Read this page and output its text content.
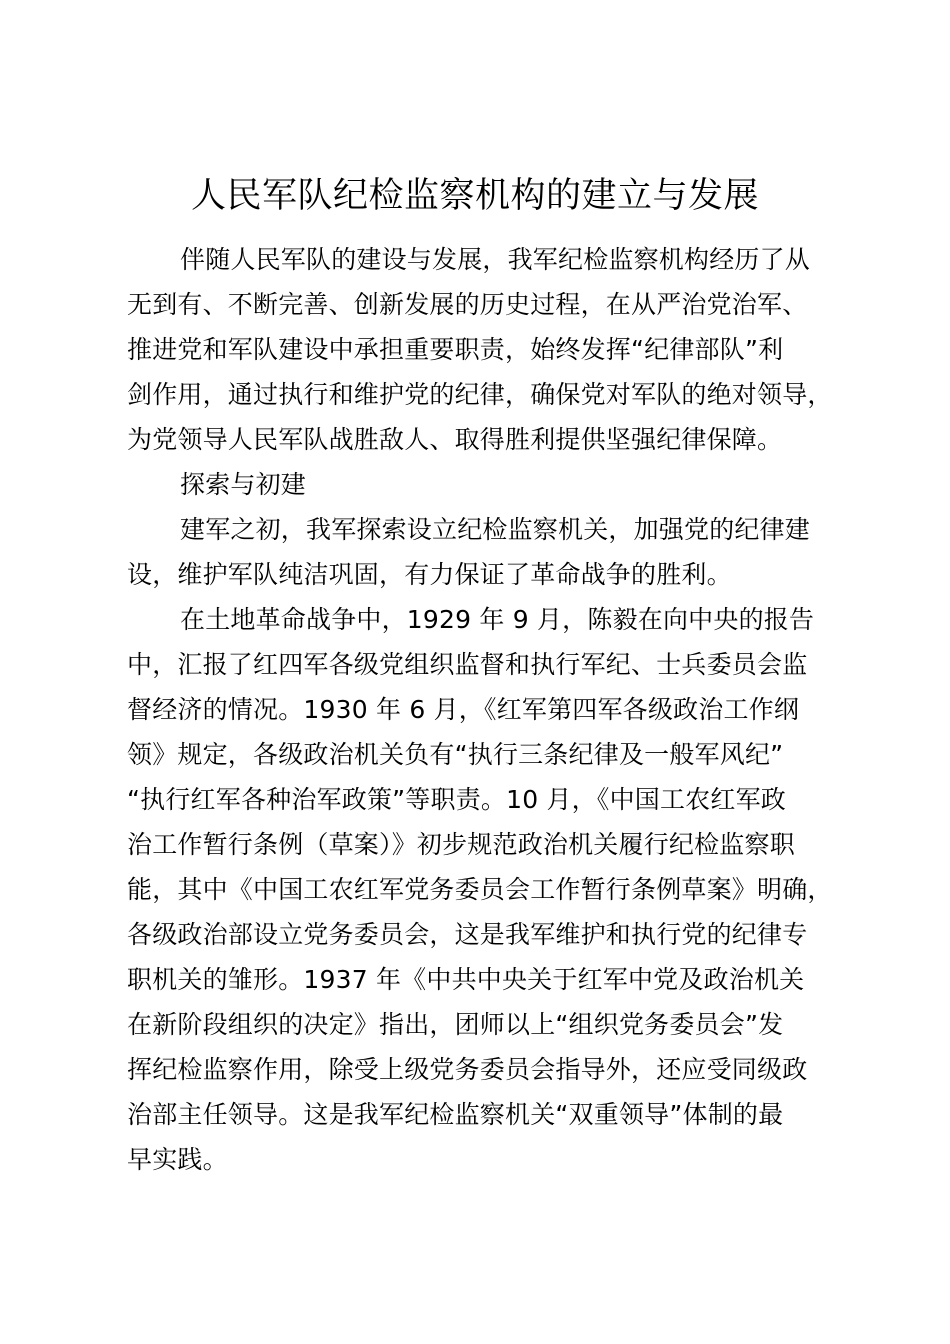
人民军队纪检监察机构的建立与发展

伴随人民军队的建设与发展，我军纪检监察机构经历了从

无到有、不断完善、创新发展的历史过程，在从严治党治军、

推进党和军队建设中承担重要职责，始终发挥“纪律部队”利

剑作用，通过执行和维护党的纪律，确保党对军队的绝对领导，

为党领导人民军队战胜敌人、取得胜利提供坚强纪律保障。

探索与初建

建军之初，我军探索设立纪检监察机关，加强党的纪律建

设，维护军队纯洁巩固，有力保证了革命战争的胜利。

在土地革命战争中，1929 年 9 月，陈毅在向中央的报告

中，汇报了红四军各级党组织监督和执行军纪、士兵委员会监

督经济的情况。1930 年 6 月，《红军第四军各级政治工作纲

领》规定，各级政治机关负有“执行三条纪律及一般军风纪”

“执行红军各种治军政策”等职责。10 月，《中国工农红军政

治工作暂行条例（草案）》初步规范政治机关履行纪检监察职

能，其中《中国工农红军党务委员会工作暂行条例草案》明确，

各级政治部设立党务委员会，这是我军维护和执行党的纪律专

职机关的雏形。1937 年《中共中央关于红军中党及政治机关

在新阶段组织的决定》指出，团师以上“组织党务委员会”发

挥纪检监察作用，除受上级党务委员会指导外，还应受同级政

治部主任领导。这是我军纪检监察机关“双重领导”体制的最

早实践。
